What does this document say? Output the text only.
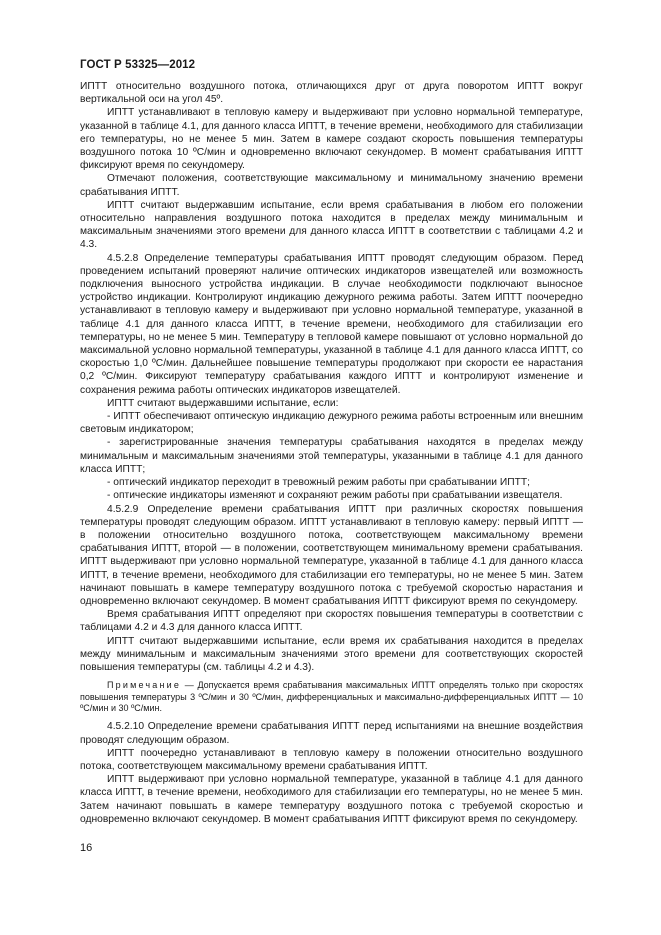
ГОСТ Р 53325—2012

ИПТТ относительно воздушного потока, отличающихся друг от друга поворотом ИПТТ вокруг вертикальной оси на угол 45º.

ИПТТ устанавливают в тепловую камеру и выдерживают при условно нормальной температуре, указанной в таблице 4.1, для данного класса ИПТТ, в течение времени, необходимого для стабилизации его температуры, но не менее 5 мин. Затем в камере создают скорость повышения температуры воздушного потока 10 ºC/мин и одновременно включают секундомер. В момент срабатывания ИПТТ фиксируют время по секундомеру.

Отмечают положения, соответствующие максимальному и минимальному значению времени срабатывания ИПТТ.

ИПТТ считают выдержавшим испытание, если время срабатывания в любом его положении относительно направления воздушного потока находится в пределах между минимальным и максимальным значениями этого времени для данного класса ИПТТ в соответствии с таблицами 4.2 и 4.3.

4.5.2.8 Определение температуры срабатывания ИПТТ проводят следующим образом. Перед проведением испытаний проверяют наличие оптических индикаторов извещателей или возможность подключения выносного устройства индикации. В случае необходимости подключают выносное устройство индикации. Контролируют индикацию дежурного режима работы. Затем ИПТТ поочередно устанавливают в тепловую камеру и выдерживают при условно нормальной температуре, указанной в таблице 4.1 для данного класса ИПТТ, в течение времени, необходимого для стабилизации его температуры, но не менее 5 мин. Температуру в тепловой камере повышают от условно нормальной до максимальной условно нормальной температуры, указанной в таблице 4.1 для данного класса ИПТТ, со скоростью 1,0 ºC/мин. Дальнейшее повышение температуры продолжают при скорости ее нарастания 0,2 ºC/мин. Фиксируют температуру срабатывания каждого ИПТТ и контролируют изменение и сохранения режима работы оптических индикаторов извещателей.

ИПТТ считают выдержавшими испытание, если:

- ИПТТ обеспечивают оптическую индикацию дежурного режима работы встроенным или внешним световым индикатором;

- зарегистрированные значения температуры срабатывания находятся в пределах между минимальным и максимальным значениями этой температуры, указанными в таблице 4.1 для данного класса ИПТТ;

- оптический индикатор переходит в тревожный режим работы при срабатывании ИПТТ;

- оптические индикаторы изменяют и сохраняют режим работы при срабатывании извещателя.

4.5.2.9 Определение времени срабатывания ИПТТ при различных скоростях повышения температуры проводят следующим образом. ИПТТ устанавливают в тепловую камеру: первый ИПТТ — в положении относительно воздушного потока, соответствующем максимальному времени срабатывания ИПТТ, второй — в положении, соответствующем минимальному времени срабатывания. ИПТТ выдерживают при условно нормальной температуре, указанной в таблице 4.1 для данного класса ИПТТ, в течение времени, необходимого для стабилизации его температуры, но не менее 5 мин. Затем начинают повышать в камере температуру воздушного потока с требуемой скоростью нарастания и одновременно включают секундомер. В момент срабатывания ИПТТ фиксируют время по секундомеру.

Время срабатывания ИПТТ определяют при скоростях повышения температуры в соответствии с таблицами 4.2 и 4.3 для данного класса ИПТТ.

ИПТТ считают выдержавшими испытание, если время их срабатывания находится в пределах между минимальным и максимальным значениями этого времени для соответствующих скоростей повышения температуры (см. таблицы 4.2 и 4.3).

Примечание — Допускается время срабатывания максимальных ИПТТ определять только при скоростях повышения температуры 3 ºC/мин и 30 ºC/мин, дифференциальных и максимально-дифференциальных ИПТТ — 10 ºC/мин и 30 ºC/мин.

4.5.2.10 Определение времени срабатывания ИПТТ перед испытаниями на внешние воздействия проводят следующим образом.

ИПТТ поочередно устанавливают в тепловую камеру в положении относительно воздушного потока, соответствующем максимальному времени срабатывания ИПТТ.

ИПТТ выдерживают при условно нормальной температуре, указанной в таблице 4.1 для данного класса ИПТТ, в течение времени, необходимого для стабилизации его температуры, но не менее 5 мин. Затем начинают повышать в камере температуру воздушного потока с требуемой скоростью и одновременно включают секундомер. В момент срабатывания ИПТТ фиксируют время по секундомеру.

16
